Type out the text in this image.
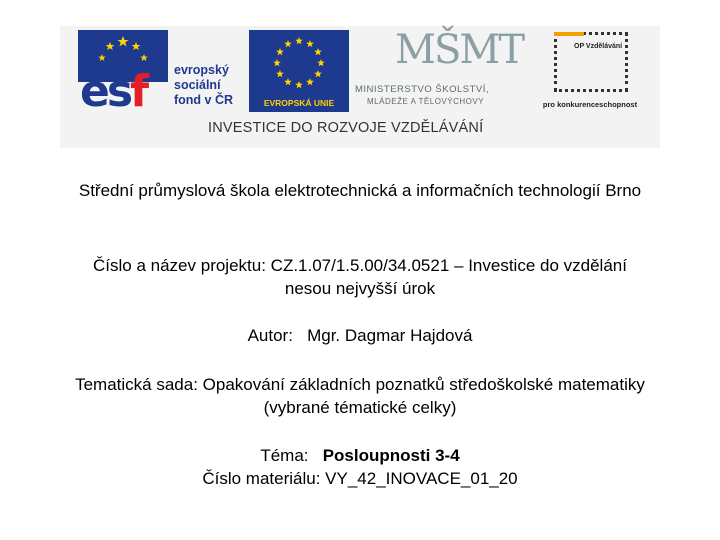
esf evropský
sociální
fond v ČR	EVROPSKÁ UNIE
MŠMT
MINISTERSTVO ŠKOLSTVÍ,
MLÁDEŽE A TĚLOVÝCHOVY
OP Vzdělávání
pro konkurenceschopnost
INVESTICE DO ROZVOJE VZDĚLÁVÁNÍ
Střední průmyslová škola elektrotechnická a informačních technologií Brno
Číslo a název projektu: CZ.1.07/1.5.00/34.0521 – Investice do vzdělání
nesou nejvyšší úrok
Autor: Mgr. Dagmar Hajdová
Tematická sada: Opakování základních poznatků středoškolské matematiky
(vybrané tématické celky)
Téma: Posloupnosti 3-4
Číslo materiálu: VY_42_INOVACE_01_20
